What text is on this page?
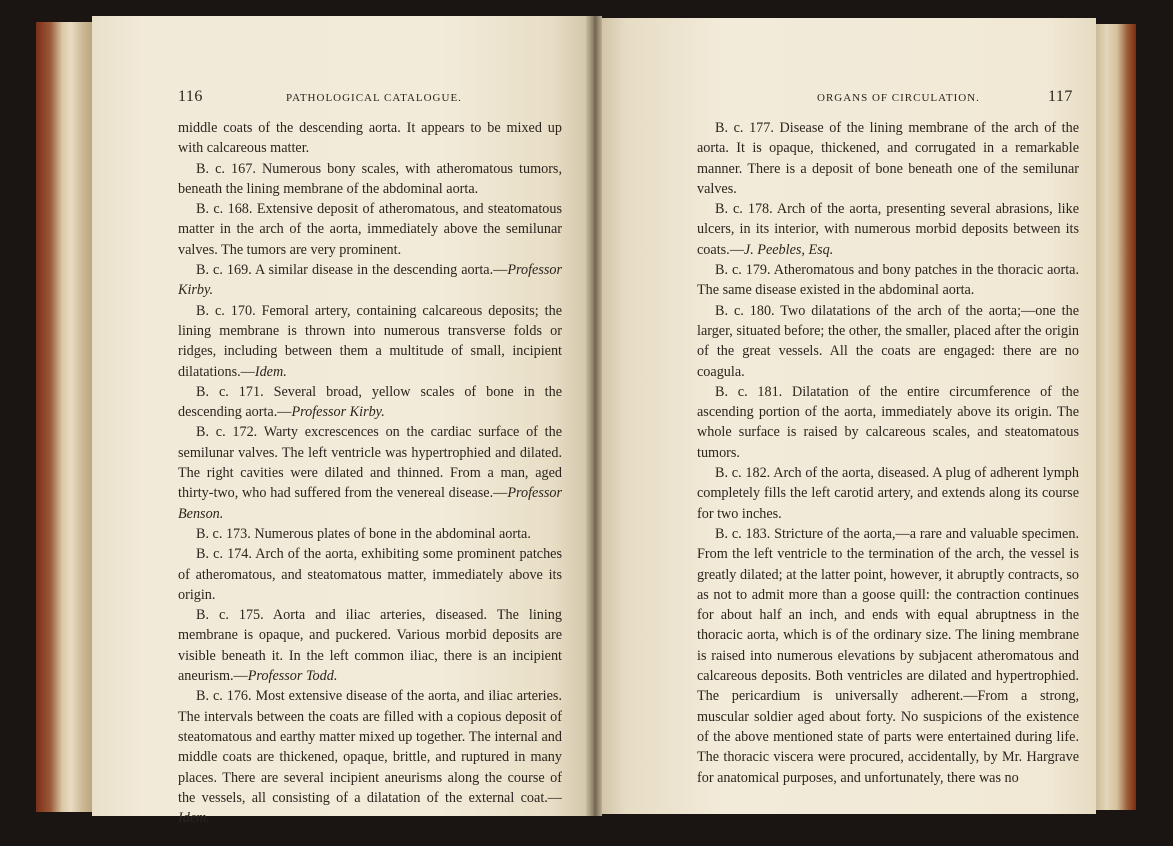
116	PATHOLOGICAL CATALOGUE.	ORGANS OF CIRCULATION.	117

middle coats of the descending aorta. It appears to be mixed up with calcareous matter.

B. c. 167. Numerous bony scales, with atheromatous tumors, beneath the lining membrane of the abdominal aorta.

B. c. 168. Extensive deposit of atheromatous, and steatomatous matter in the arch of the aorta, immediately above the semilunar valves. The tumors are very prominent.

B. c. 169. A similar disease in the descending aorta.—Professor Kirby.

B. c. 170. Femoral artery, containing calcareous deposits; the lining membrane is thrown into numerous transverse folds or ridges, including between them a multitude of small, incipient dilatations.—Idem.

B. c. 171. Several broad, yellow scales of bone in the descending aorta.—Professor Kirby.

B. c. 172. Warty excrescences on the cardiac surface of the semilunar valves. The left ventricle was hypertrophied and dilated. The right cavities were dilated and thinned. From a man, aged thirty-two, who had suffered from the venereal disease.—Professor Benson.

B. c. 173. Numerous plates of bone in the abdominal aorta.

B. c. 174. Arch of the aorta, exhibiting some prominent patches of atheromatous, and steatomatous matter, immediately above its origin.

B. c. 175. Aorta and iliac arteries, diseased. The lining membrane is opaque, and puckered. Various morbid deposits are visible beneath it. In the left common iliac, there is an incipient aneurism.—Professor Todd.

B. c. 176. Most extensive disease of the aorta, and iliac arteries. The intervals between the coats are filled with a copious deposit of steatomatous and earthy matter mixed up together. The internal and middle coats are thickened, opaque, brittle, and ruptured in many places. There are several incipient aneurisms along the course of the vessels, all consisting of a dilatation of the external coat.—Idem.

B. c. 177. Disease of the lining membrane of the arch of the aorta. It is opaque, thickened, and corrugated in a remarkable manner. There is a deposit of bone beneath one of the semilunar valves.

B. c. 178. Arch of the aorta, presenting several abrasions, like ulcers, in its interior, with numerous morbid deposits between its coats.—J. Peebles, Esq.

B. c. 179. Atheromatous and bony patches in the thoracic aorta. The same disease existed in the abdominal aorta.

B. c. 180. Two dilatations of the arch of the aorta;—one the larger, situated before; the other, the smaller, placed after the origin of the great vessels. All the coats are engaged: there are no coagula.

B. c. 181. Dilatation of the entire circumference of the ascending portion of the aorta, immediately above its origin. The whole surface is raised by calcareous scales, and steatomatous tumors.

B. c. 182. Arch of the aorta, diseased. A plug of adherent lymph completely fills the left carotid artery, and extends along its course for two inches.

B. c. 183. Stricture of the aorta,—a rare and valuable specimen. From the left ventricle to the termination of the arch, the vessel is greatly dilated; at the latter point, however, it abruptly contracts, so as not to admit more than a goose quill: the contraction continues for about half an inch, and ends with equal abruptness in the thoracic aorta, which is of the ordinary size. The lining membrane is raised into numerous elevations by subjacent atheromatous and calcareous deposits. Both ventricles are dilated and hypertrophied. The pericardium is universally adherent.—From a strong, muscular soldier aged about forty. No suspicions of the existence of the above mentioned state of parts were entertained during life. The thoracic viscera were procured, accidentally, by Mr. Hargrave for anatomical purposes, and unfortunately, there was no
